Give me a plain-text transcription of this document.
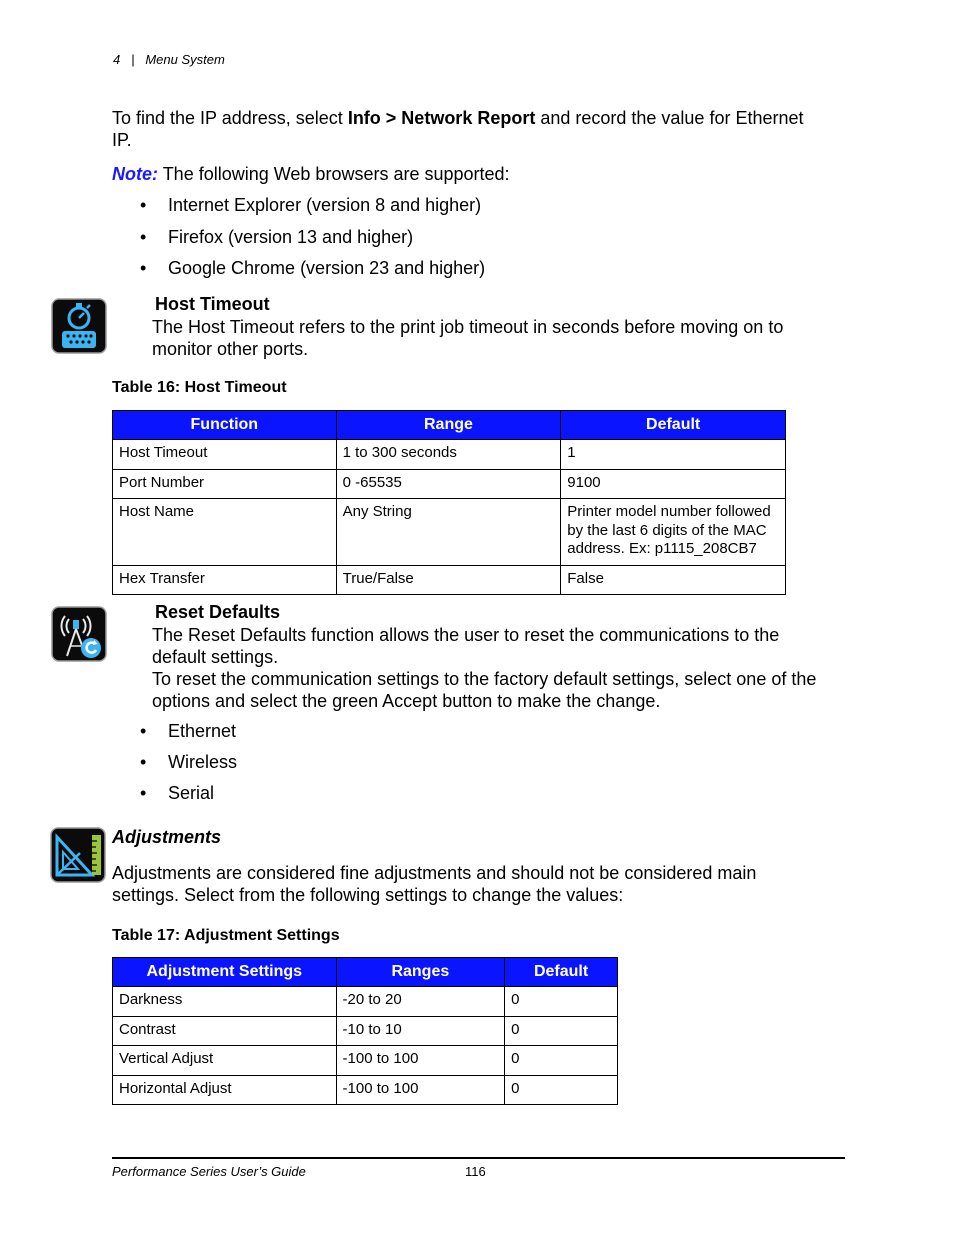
4 | Menu System
To find the IP address, select Info > Network Report and record the value for Ethernet
IP.
Note: The following Web browsers are supported:
• Internet Explorer (version 8 and higher)
• Firefox (version 13 and higher)
• Google Chrome (version 23 and higher)
Host Timeout
The Host Timeout refers to the print job timeout in seconds before moving on to
monitor other ports.
Table 16: Host Timeout
Function	Range	Default
Host Timeout	1 to 300 seconds	1
Port Number	0 -65535	9100
Host Name	Any String	Printer model number followed
by the last 6 digits of the MAC
address. Ex: p1115_208CB7

Hex Transfer	True/False	False
Reset Defaults
The Reset Defaults function allows the user to reset the communications to the
default settings.
To reset the communication settings to the factory default settings, select one of the
options and select the green Accept button to make the change.
• Ethernet
• Wireless
• Serial
Adjustments
Adjustments are considered fine adjustments and should not be considered main
settings. Select from the following settings to change the values:
Table 17: Adjustment Settings
Adjustment Settings	Ranges	Default
Darkness	-20 to 20	0
Contrast	-10 to 10	0
Vertical Adjust	-100 to 100	0
Horizontal Adjust	-100 to 100	0
Performance Series User’s Guide	116
